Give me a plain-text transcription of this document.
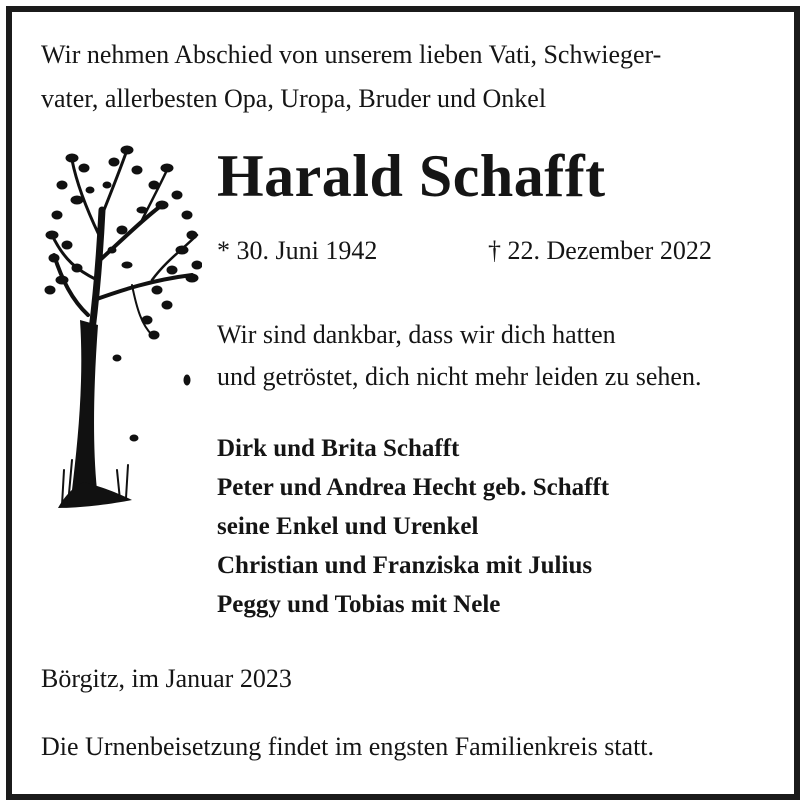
Wir nehmen Abschied von unserem lieben Vati, Schwieger-
vater, allerbesten Opa, Uropa, Bruder und Onkel
Harald Schafft
* 30. Juni 1942	† 22. Dezember 2022
Wir sind dankbar, dass wir dich hatten
und getröstet, dich nicht mehr leiden zu sehen.
Dirk und Brita Schafft
Peter und Andrea Hecht geb. Schafft
seine Enkel und Urenkel
Christian und Franziska mit Julius
Peggy und Tobias mit Nele
Börgitz, im Januar 2023
Die Urnenbeisetzung findet im engsten Familienkreis statt.
